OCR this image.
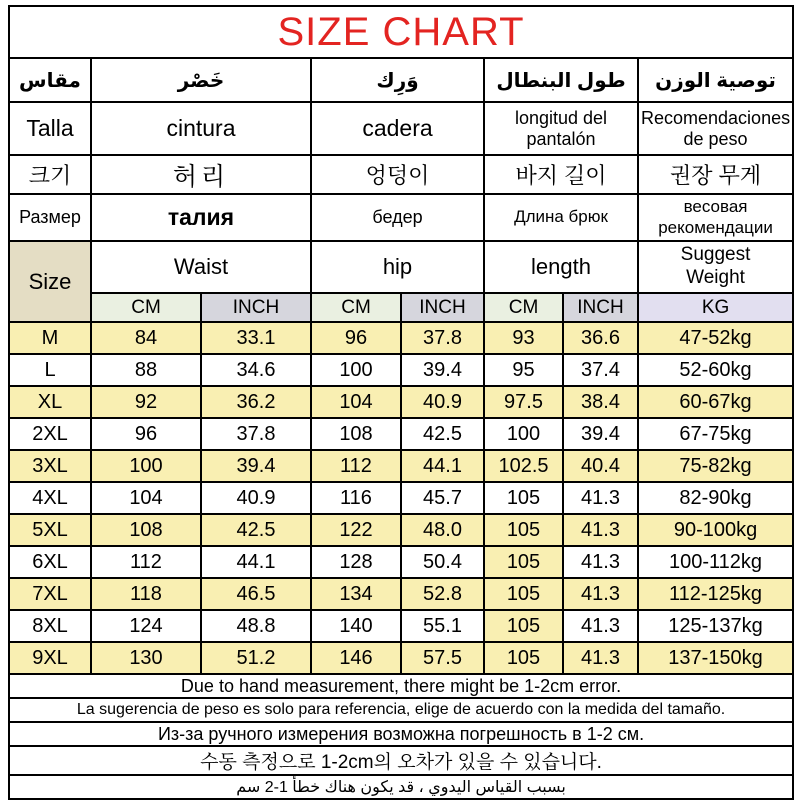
SIZE CHART							
مقاس	خَصْر		وَرِك		طول البنطال		توصية الوزن
Talla	cintura		cadera		longitud del pantalón		Recomendaciones de peso
크기	허리		엉덩이		바지 길이		권장 무게
Размер	талия		бедер		Длина брюк		весовая рекомендации
Size	Waist		hip		length		Suggest Weight
	CM	INCH	CM	INCH	CM	INCH	KG
M	84	33.1	96	37.8	93	36.6	47-52kg
L	88	34.6	100	39.4	95	37.4	52-60kg
XL	92	36.2	104	40.9	97.5	38.4	60-67kg
2XL	96	37.8	108	42.5	100	39.4	67-75kg
3XL	100	39.4	112	44.1	102.5	40.4	75-82kg
4XL	104	40.9	116	45.7	105	41.3	82-90kg
5XL	108	42.5	122	48.0	105	41.3	90-100kg
6XL	112	44.1	128	50.4	105	41.3	100-112kg
7XL	118	46.5	134	52.8	105	41.3	112-125kg
8XL	124	48.8	140	55.1	105	41.3	125-137kg
9XL	130	51.2	146	57.5	105	41.3	137-150kg
Due to hand measurement, there might be 1-2cm error.							
La sugerencia de peso es solo para referencia, elige de acuerdo con la medida del tamaño.							
Из-за ручного измерения возможна погрешность в 1-2 см.							
수동 측정으로 1-2cm의 오차가 있을 수 있습니다.							
بسبب القياس اليدوي ، قد يكون هناك خطأ 1-2 سم							
